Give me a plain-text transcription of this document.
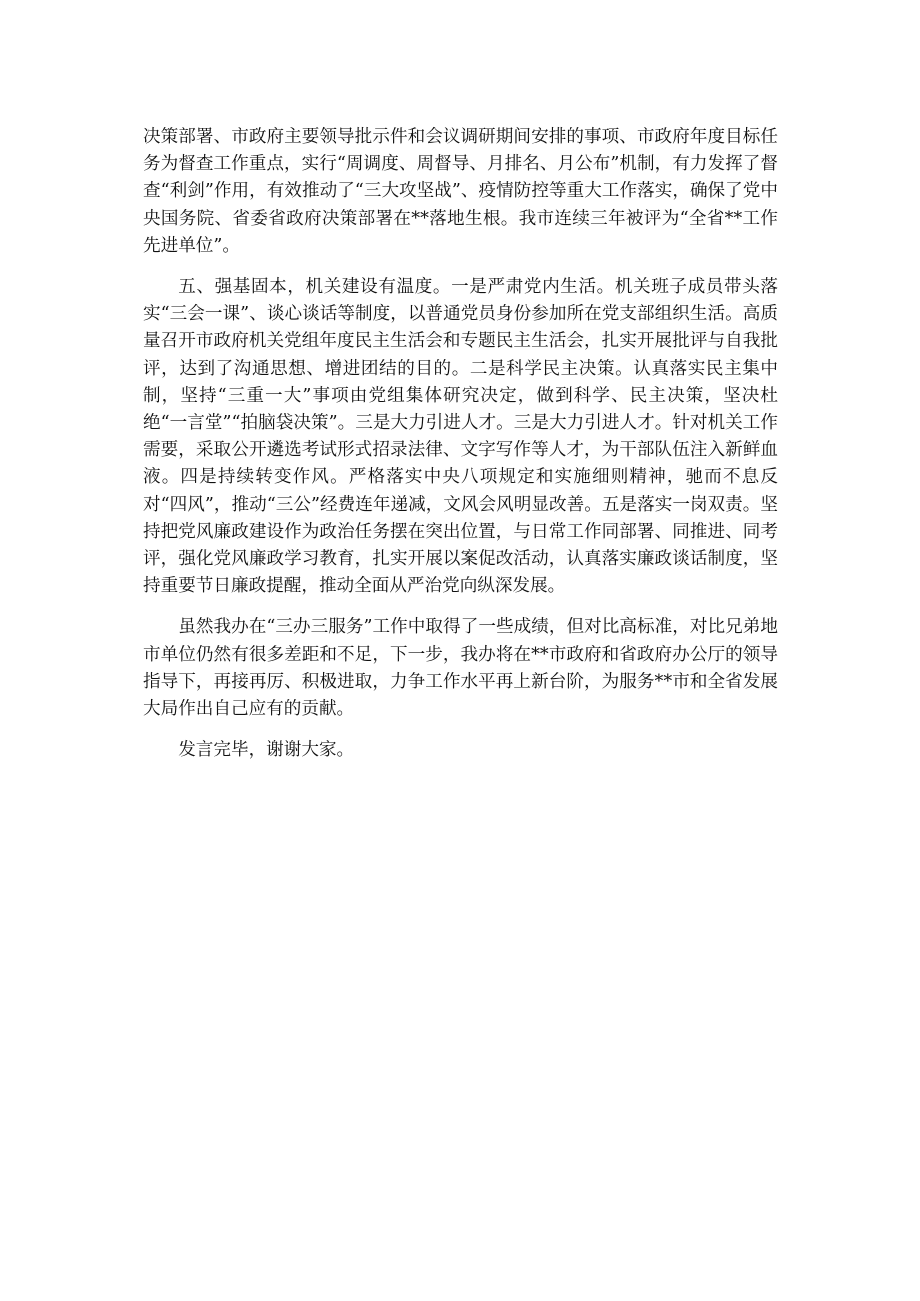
决策部署、市政府主要领导批示件和会议调研期间安排的事项、市政府年度目标任务为督查工作重点，实行“周调度、周督导、月排名、月公布”机制，有力发挥了督查“利剑”作用，有效推动了“三大攻坚战”、疫情防控等重大工作落实，确保了党中央国务院、省委省政府决策部署在**落地生根。我市连续三年被评为“全省**工作先进单位”。

五、强基固本，机关建设有温度。一是严肃党内生活。机关班子成员带头落实“三会一课”、谈心谈话等制度，以普通党员身份参加所在党支部组织生活。高质量召开市政府机关党组年度民主生活会和专题民主生活会，扎实开展批评与自我批评，达到了沟通思想、增进团结的目的。二是科学民主决策。认真落实民主集中制，坚持“三重一大”事项由党组集体研究决定，做到科学、民主决策，坚决杜绝“一言堂”“拍脑袋决策”。三是大力引进人才。三是大力引进人才。针对机关工作需要，采取公开遴选考试形式招录法律、文字写作等人才，为干部队伍注入新鲜血液。四是持续转变作风。严格落实中央八项规定和实施细则精神，驰而不息反对“四风”，推动“三公”经费连年递减，文风会风明显改善。五是落实一岗双责。坚持把党风廉政建设作为政治任务摆在突出位置，与日常工作同部署、同推进、同考评，强化党风廉政学习教育，扎实开展以案促改活动，认真落实廉政谈话制度，坚持重要节日廉政提醒，推动全面从严治党向纵深发展。

虽然我办在“三办三服务”工作中取得了一些成绩，但对比高标准，对比兄弟地市单位仍然有很多差距和不足，下一步，我办将在**市政府和省政府办公厅的领导指导下，再接再厉、积极进取，力争工作水平再上新台阶，为服务**市和全省发展大局作出自己应有的贡献。

发言完毕，谢谢大家。
